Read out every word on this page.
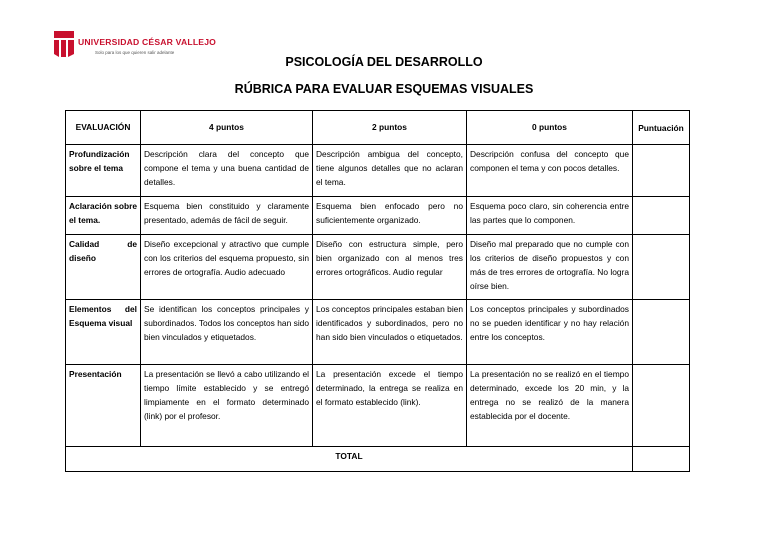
UNIVERSIDAD CÉSAR VALLEJO
Solo para los que quieren salir adelante
PSICOLOGÍA DEL DESARROLLO
RÚBRICA PARA EVALUAR ESQUEMAS VISUALES
EVALUACIÓN	4 puntos	2 puntos	0 puntos	Puntuación
Profundización sobre el tema	Descripción clara del concepto que compone el tema y una buena cantidad de detalles.	Descripción ambigua del concepto, tiene algunos detalles que no aclaran el tema.	Descripción confusa del concepto que componen el tema y con pocos detalles.	
Aclaración sobre el tema.	Esquema bien constituido y claramente presentado, además de fácil de seguir.	Esquema bien enfocado pero no suficientemente organizado.	Esquema poco claro, sin coherencia entre las partes que lo componen.	
Calidad de diseño	Diseño excepcional y atractivo que cumple con los criterios del esquema propuesto, sin errores de ortografía. Audio adecuado	Diseño con estructura simple, pero bien organizado con al menos tres errores ortográficos. Audio regular	Diseño mal preparado que no cumple con los criterios de diseño propuestos y con más de tres errores de ortografía. No logra oírse bien.	
Elementos del Esquema visual	Se identifican los conceptos principales y subordinados. Todos los conceptos han sido bien vinculados y etiquetados.	Los conceptos principales estaban bien identificados y subordinados, pero no han sido bien vinculados o etiquetados.	Los conceptos principales y subordinados no se pueden identificar y no hay relación entre los conceptos.	
Presentación	La presentación se llevó a cabo utilizando el tiempo límite establecido y se entregó limpiamente en el formato determinado (link) por el profesor.	La presentación excede el tiempo determinado, la entrega se realiza en el formato establecido (link).	La presentación no se realizó en el tiempo determinado, excede los 20 min, y la entrega no se realizó de la manera establecida por el docente.	
TOTAL				
